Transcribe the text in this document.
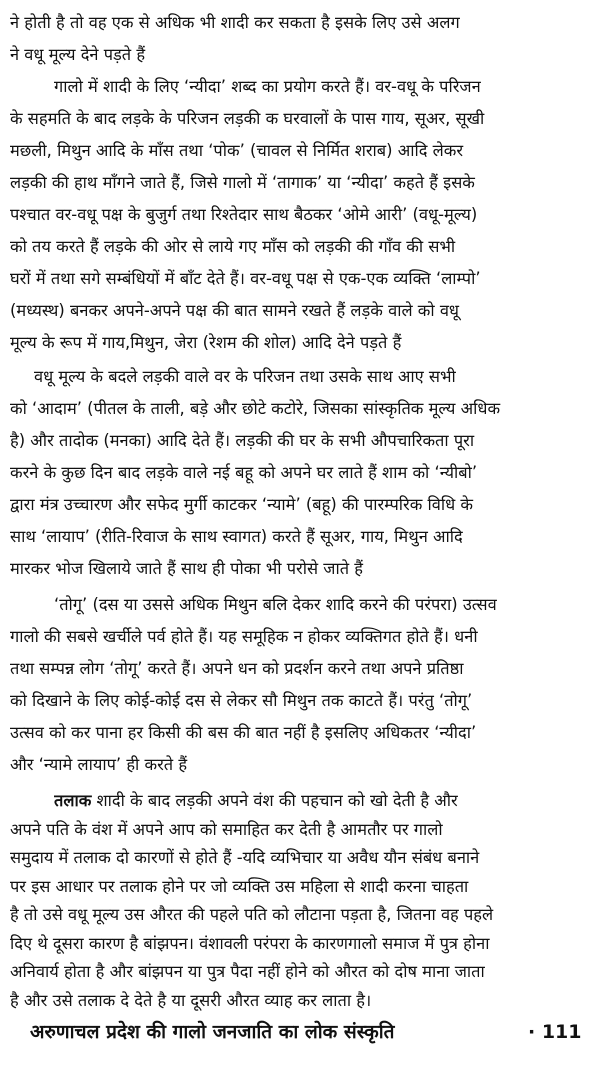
ने होती है तो वह एक से अधिक भी शादी कर सकता है इसके लिए उसे अलग
ने वधू मूल्य देने पड़ते हैं
गालो में शादी के लिए ‘न्यीदा’ शब्द का प्रयोग करते हैं। वर-वधू के परिजन
के सहमति के बाद लड़के के परिजन लड़की क घरवालों के पास गाय, सूअर, सूखी
मछली, मिथुन आदि के माँस तथा ‘पोक’ (चावल से निर्मित शराब) आदि लेकर
लड़की की हाथ माँगने जाते हैं, जिसे गालो में ‘तागाक’ या ‘न्यीदा’ कहते हैं इसके
पश्चात वर-वधू पक्ष के बुजुर्ग तथा रिश्तेदार साथ बैठकर ‘ओमे आरी’ (वधू-मूल्य)
को तय करते हैं लड़के की ओर से लाये गए माँस को लड़की की गाँव की सभी
घरों में तथा सगे सम्बंधियों में बाँट देते हैं। वर-वधू पक्ष से एक-एक व्यक्ति ‘लाम्पो’
(मध्यस्थ) बनकर अपने-अपने पक्ष की बात सामने रखते हैं लड़के वाले को वधू
मूल्य के रूप में गाय,मिथुन, जेरा (रेशम की शोल) आदि देने पड़ते हैं
वधू मूल्य के बदले लड़की वाले वर के परिजन तथा उसके साथ आए सभी
को ‘आदाम’ (पीतल के ताली, बड़े और छोटे कटोरे, जिसका सांस्कृतिक मूल्य अधिक
है) और तादोक (मनका) आदि देते हैं। लड़की की घर के सभी औपचारिकता पूरा
करने के कुछ दिन बाद लड़के वाले नई बहू को अपने घर लाते हैं शाम को ‘न्यीबो’
द्वारा मंत्र उच्चारण और सफेद मुर्गी काटकर ‘न्यामे’ (बहू) की पारम्परिक विधि के
साथ ‘लायाप’ (रीति-रिवाज के साथ स्वागत) करते हैं सूअर, गाय, मिथुन आदि
मारकर भोज खिलाये जाते हैं साथ ही पोका भी परोसे जाते हैं
‘तोगू’ (दस या उससे अधिक मिथुन बलि देकर शादि करने की परंपरा) उत्सव
गालो की सबसे खर्चीले पर्व होते हैं। यह समूहिक न होकर व्यक्तिगत होते हैं। धनी
तथा सम्पन्न लोग ‘तोगू’ करते हैं। अपने धन को प्रदर्शन करने तथा अपने प्रतिष्ठा
को दिखाने के लिए कोई-कोई दस से लेकर सौ मिथुन तक काटते हैं। परंतु ‘तोगू’
उत्सव को कर पाना हर किसी की बस की बात नहीं है इसलिए अधिकतर ‘न्यीदा’
और ‘न्यामे लायाप’ ही करते हैं
तलाक शादी के बाद लड़की अपने वंश की पहचान को खो देती है और
अपने पति के वंश में अपने आप को समाहित कर देती है आमतौर पर गालो
समुदाय में तलाक दो कारणों से होते हैं -यदि व्यभिचार या अवैध यौन संबंध बनाने
पर इस आधार पर तलाक होने पर जो व्यक्ति उस महिला से शादी करना चाहता
है तो उसे वधू मूल्य उस औरत की पहले पति को लौटाना पड़ता है, जितना वह पहले
दिए थे दूसरा कारण है बांझपन। वंशावली परंपरा के कारणगालो समाज में पुत्र होना
अनिवार्य होता है और बांझपन या पुत्र पैदा नहीं होने को औरत को दोष माना जाता
अरुणाचल प्रदेश की गालो जनजाति का लोक संस्कृति	· 111
है और उसे तलाक दे देते है या दूसरी औरत व्याह कर लाता है।
